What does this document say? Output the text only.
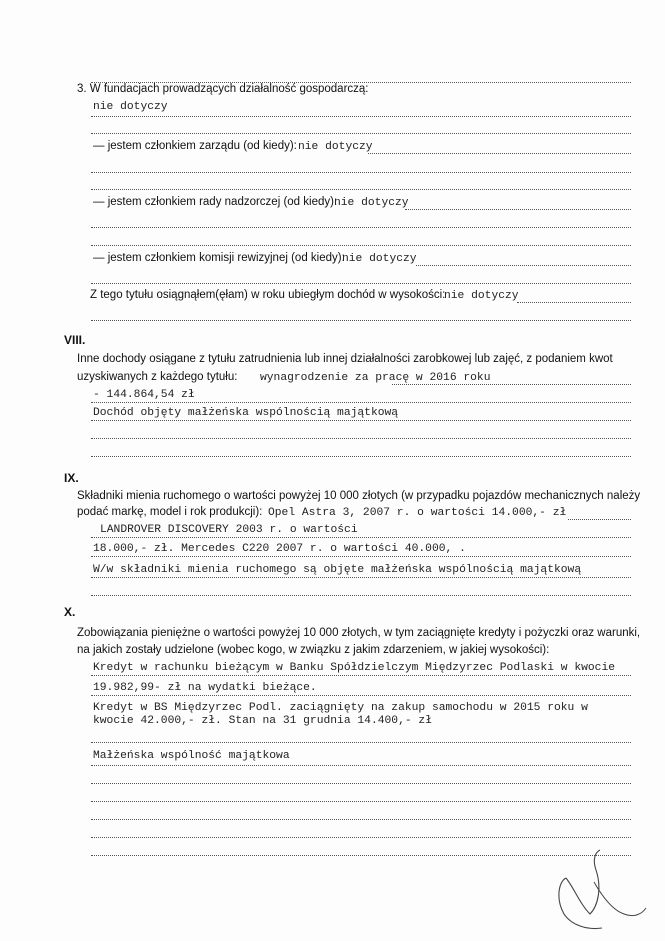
3. W fundacjach prowadzących działalność gospodarczą:
nie dotyczy
— jestem członkiem zarządu (od kiedy): nie dotyczy
— jestem członkiem rady nadzorczej (od kiedy):
nie dotyczy
— jestem członkiem komisji rewizyjnej (od kiedy):
nie dotyczy
Z tego tytułu osiągnąłem(ęłam) w roku ubiegłym dochód w wysokości:
nie dotyczy
VIII.
Inne dochody osiągane z tytułu zatrudnienia lub innej działalności zarobkowej lub zajęć, z podaniem kwot
uzyskiwanych z każdego tytułu: wynagrodzenie za pracę w 2016 roku
- 144.864,54 zł
Dochód objęty małżeńska wspólnością majątkową
IX.
Składniki mienia ruchomego o wartości powyżej 10 000 złotych (w przypadku pojazdów mechanicznych należy
podać markę, model i rok produkcji): Opel Astra 3, 2007 r. o wartości 14.000,- zł
LANDROVER DISCOVERY 2003 r. o wartości
18.000,- zł. Mercedes C220 2007 r. o wartości 40.000, .
W/w składniki mienia ruchomego są objęte małżeńska wspólnością majątkową
X.
Zobowiązania pieniężne o wartości powyżej 10 000 złotych, w tym zaciągnięte kredyty i pożyczki oraz warunki,
na jakich zostały udzielone (wobec kogo, w związku z jakim zdarzeniem, w jakiej wysokości):
Kredyt w rachunku bieżącym w Banku Spółdzielczym Międzyrzec Podlaski w kwocie
19.982,99- zł na wydatki bieżące.
Kredyt w BS Międzyrzec Podl. zaciągnięty na zakup samochodu w 2015 roku w
kwocie 42.000,- zł. Stan na 31 grudnia 14.400,- zł
Małżeńska wspólność majątkowa
